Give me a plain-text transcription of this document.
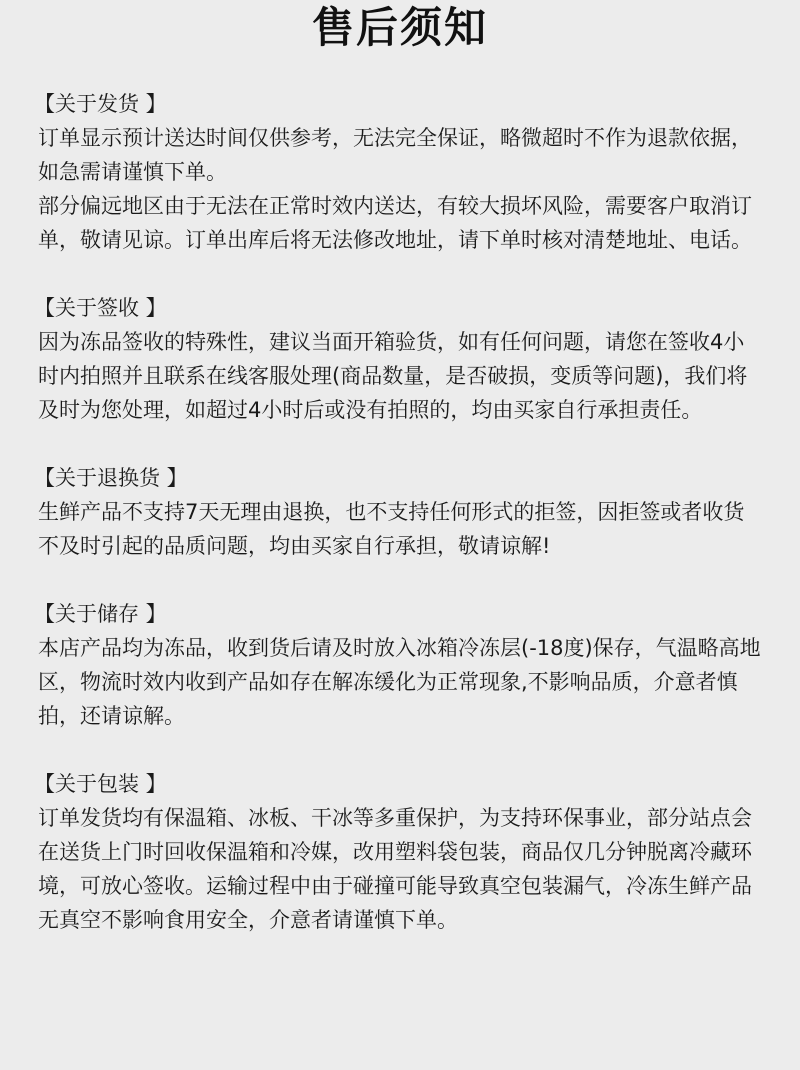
售后须知
【关于发货 】

订单显示预计送达时间仅供参考，无法完全保证，略微超时不作为退款依据，如急需请谨慎下单。

部分偏远地区由于无法在正常时效内送达，有较大损坏风险，需要客户取消订单，敬请见谅。订单出库后将无法修改地址，请下单时核对清楚地址、电话。

【关于签收 】

因为冻品签收的特殊性，建议当面开箱验货，如有任何问题，请您在签收4小时内拍照并且联系在线客服处理(商品数量，是否破损，变质等问题)，我们将及时为您处理，如超过4小时后或没有拍照的，均由买家自行承担责任。

【关于退换货 】

生鲜产品不支持7天无理由退换，也不支持任何形式的拒签，因拒签或者收货不及时引起的品质问题，均由买家自行承担，敬请谅解!

【关于储存 】

本店产品均为冻品，收到货后请及时放入冰箱冷冻层(-18度)保存，气温略高地区，物流时效内收到产品如存在解冻缓化为正常现象,不影响品质，介意者慎拍，还请谅解。

【关于包装 】

订单发货均有保温箱、冰板、干冰等多重保护，为支持环保事业，部分站点会在送货上门时回收保温箱和冷媒，改用塑料袋包装，商品仅几分钟脱离冷藏环境，可放心签收。运输过程中由于碰撞可能导致真空包装漏气，冷冻生鲜产品无真空不影响食用安全，介意者请谨慎下单。
